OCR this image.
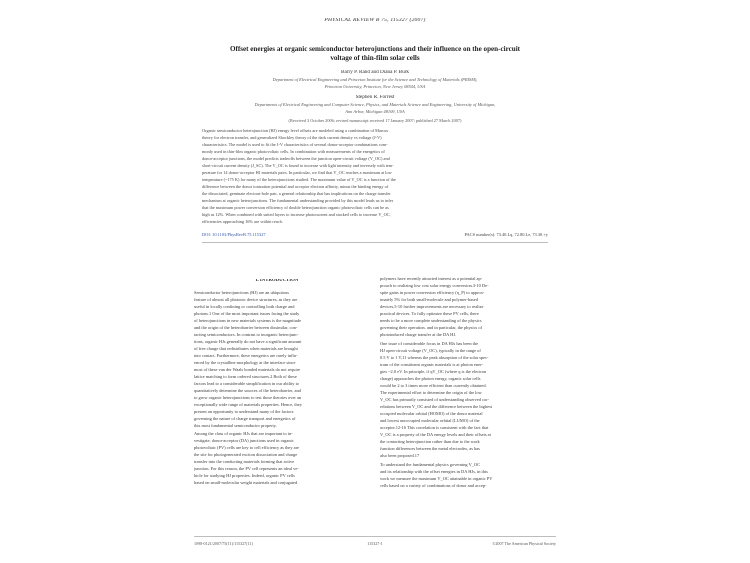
PHYSICAL REVIEW B 75, 115327 (2007)
Offset energies at organic semiconductor heterojunctions and their influence on the open-circuit
voltage of thin-film solar cells
Barry P. Rand and Diana P. Burk
Department of Electrical Engineering and Princeton Institute for the Science and Technology of Materials (PRISM),
Princeton University, Princeton, New Jersey 08544, USA
Stephen R. Forrest
Departments of Electrical Engineering and Computer Science, Physics, and Materials Science and Engineering, University of Michigan,
Ann Arbor, Michigan 48109, USA
(Received 3 October 2006; revised manuscript received 17 January 2007; published 27 March 2007)
Organic semiconductor heterojunction (HJ) energy level offsets are modeled using a combination of Marcus
theory for electron transfer, and generalized Shockley theory of the dark current density vs voltage (J-V)
characteristics. The model is used to fit the J-V characteristics of several donor-acceptor combinations com-
monly used in thin-film organic photovoltaic cells. In combination with measurements of the energetics of
donor-acceptor junctions, the model predicts tradeoffs between the junction open-circuit voltage (V_OC) and
short-circuit current density (J_SC). The V_OC is found to increase with light intensity and inversely with tem-
perature for 14 donor-acceptor HJ materials pairs. In particular, we find that V_OC reaches a maximum at low
temperature (~175 K) for many of the heterojunctions studied. The maximum value of V_OC is a function of the
difference between the donor ionization potential and acceptor electron affinity, minus the binding energy of
the dissociated, geminate electron-hole pair, a general relationship that has implications on the charge transfer
mechanism at organic heterojunctions. The fundamental understanding provided by this model leads us to infer
that the maximum power conversion efficiency of double heterojunction organic photovoltaic cells can be as
high as 12%. When combined with suited layers to increase photocurrent and stacked cells to increase V_OC,
efficiencies approaching 16% are within reach.
DOI: 10.1103/PhysRevB.75.115327	PACS number(s): 73.40.Lq, 72.80.Le, 73.30.+y
I. INTRODUCTION
Semiconductor heterojunctions (HJ) are an ubiquitous
feature of almost all photonic device structures, as they are
useful in locally confining or controlling both charge and
photons.1 One of the most important issues facing the study
of heterojunctions in new materials systems is the magnitude
and the origin of the heterobarrier between dissimilar, con-
tacting semiconductors. In contrast to inorganic heterojunc-
tions, organic HJs generally do not have a significant amount
of free charge that redistributes when materials are brought
into contact. Furthermore, these energetics are rarely influ-
enced by the crystalline morphology at the interface since
most of these van der Waals bonded materials do not require
lattice matching to form ordered structures.2 Both of these
factors lead to a considerable simplification in our ability to
quantitatively determine the sources of the heterobarrier, and
to grow organic heterojunctions to test those theories over an
exceptionally wide range of materials properties. Hence, they
present an opportunity to understand many of the factors
governing the nature of charge transport and energetics of
this most fundamental semiconductor property.
Among the class of organic HJs that are important to in-
vestigate, donor-acceptor (DA) junctions used in organic
photovoltaic (PV) cells are key to cell efficiency as they are
the site for photogenerated exciton dissociation and charge
transfer into the conducting materials forming that active
junction. For this reason, the PV cell represents an ideal ve-
hicle for studying HJ properties. Indeed, organic PV cells
based on small-molecular weight materials and conjugated
polymers have recently attracted interest as a potential ap-
proach to realizing low cost solar energy conversion.3-10 De-
spite gains in power conversion efficiency (η_P) to approx-
imately 5% for both small-molecule and polymer-based
devices,5-10 further improvements are necessary to realize
practical devices. To fully optimize these PV cells, there
needs to be a more complete understanding of the physics
governing their operation, and in particular, the physics of
photoinduced charge transfer at the DA HJ.
One issue of considerable focus in DA HJs has been the
HJ open-circuit voltage (V_OC), typically in the range of
0.5 V to 1 V,11 whereas the peak absorption of the solar spec-
trum of the constituent organic materials is at photon ener-
gies ~2.0 eV. In principle, if qV_OC (where q is the electron
charge) approaches the photon energy, organic solar cells
would be 2 to 3 times more efficient than currently obtained.
The experimental effort to determine the origin of the low
V_OC has primarily consisted of understanding observed cor-
relations between V_OC and the difference between the highest
occupied molecular orbital (HOMO) of the donor material
and lowest unoccupied molecular orbital (LUMO) of the
acceptor.12-16 This correlation is consistent with the fact that
V_OC is a property of the DA energy levels and their offsets at
the contacting heterojunction rather than due to the work
function differences between the metal electrodes, as has
also been proposed.17
To understand the fundamental physics governing V_OC
and its relationship with the offset energies in DA HJs, in this
work we measure the maximum V_OC attainable in organic PV
cells based on a variety of combinations of donor and accep-
1098-0121/2007/75(11)/115327(11)	115327-1	©2007 The American Physical Society
